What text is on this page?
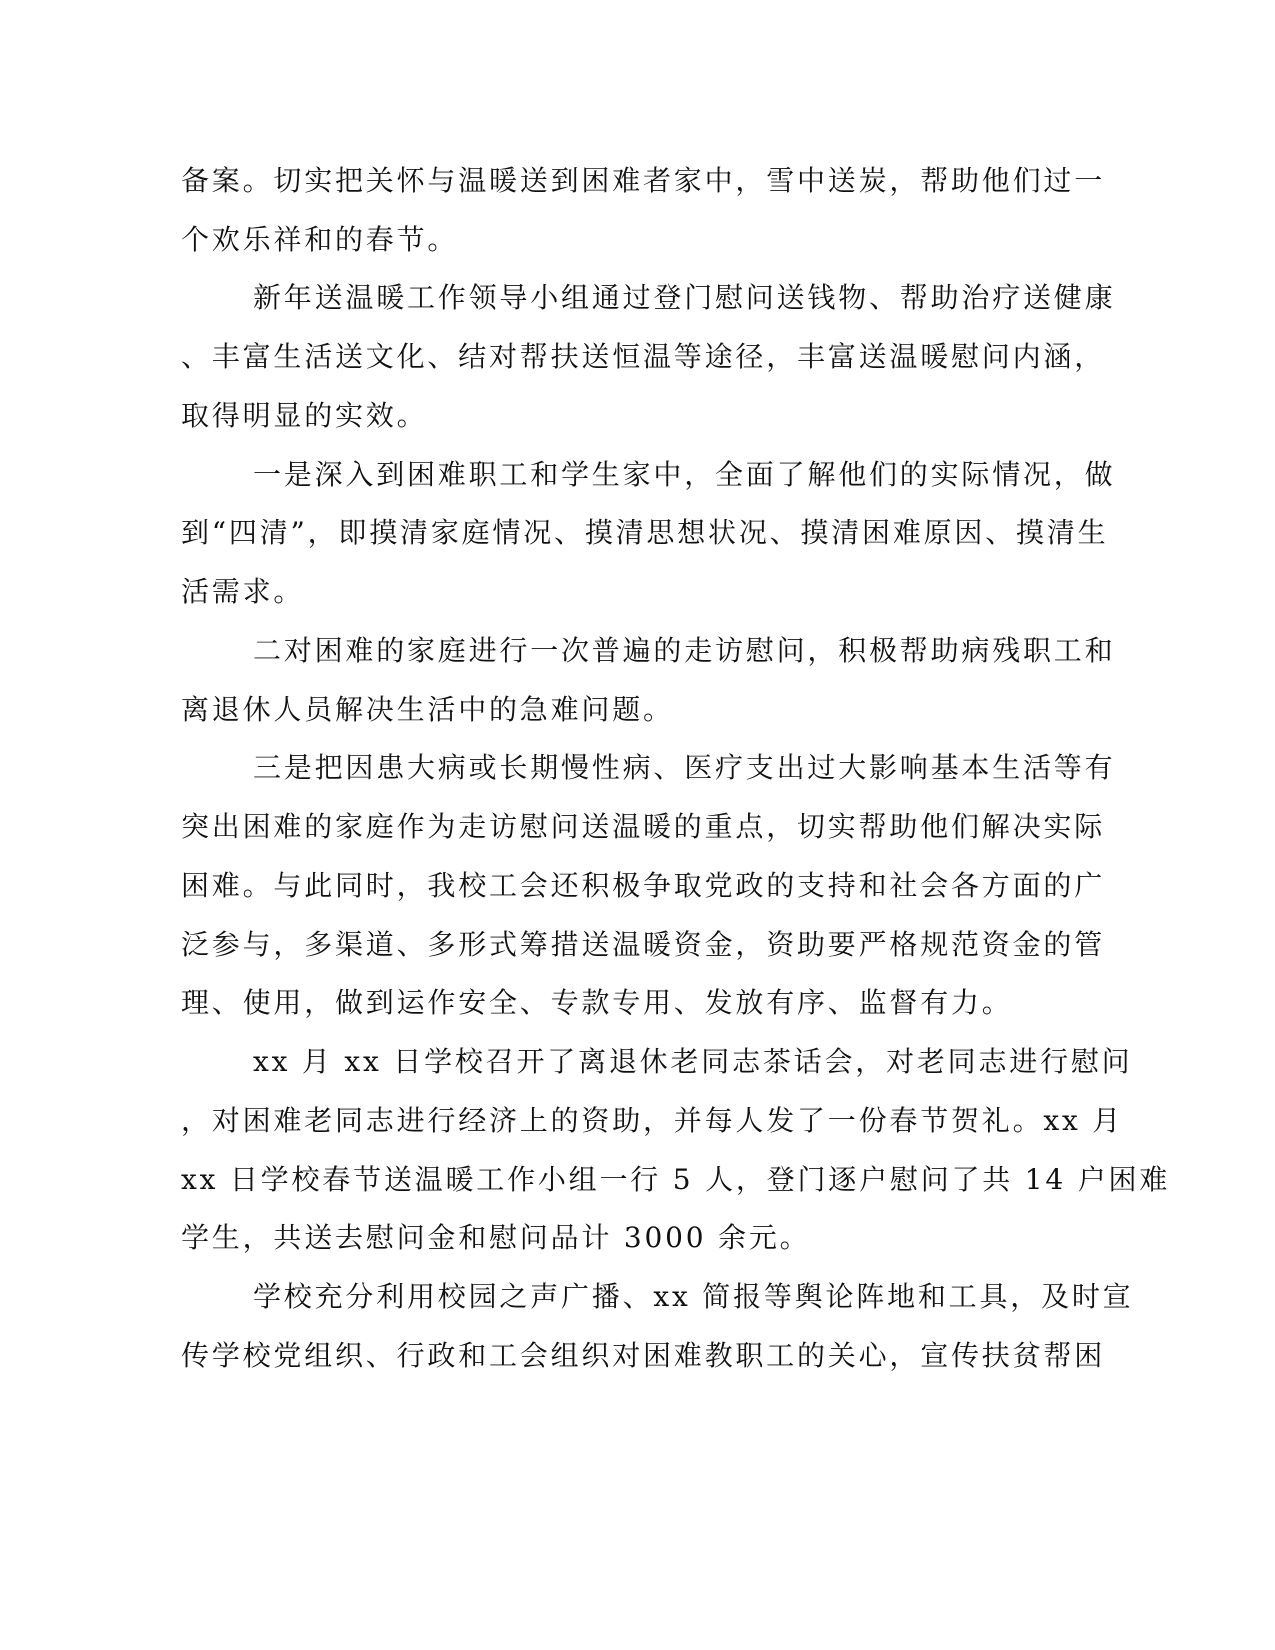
备案。切实把关怀与温暖送到困难者家中，雪中送炭，帮助他们过一
个欢乐祥和的春节。
新年送温暖工作领导小组通过登门慰问送钱物、帮助治疗送健康
、丰富生活送文化、结对帮扶送恒温等途径，丰富送温暖慰问内涵，
取得明显的实效。
一是深入到困难职工和学生家中，全面了解他们的实际情况，做
到“四清”，即摸清家庭情况、摸清思想状况、摸清困难原因、摸清生
活需求。
二对困难的家庭进行一次普遍的走访慰问，积极帮助病残职工和
离退休人员解决生活中的急难问题。
三是把因患大病或长期慢性病、医疗支出过大影响基本生活等有
突出困难的家庭作为走访慰问送温暖的重点，切实帮助他们解决实际
困难。与此同时，我校工会还积极争取党政的支持和社会各方面的广
泛参与，多渠道、多形式筹措送温暖资金，资助要严格规范资金的管
理、使用，做到运作安全、专款专用、发放有序、监督有力。
xx 月 xx 日学校召开了离退休老同志茶话会，对老同志进行慰问
，对困难老同志进行经济上的资助，并每人发了一份春节贺礼。xx 月
xx 日学校春节送温暖工作小组一行 5 人，登门逐户慰问了共 14 户困难
学生，共送去慰问金和慰问品计 3000 余元。
学校充分利用校园之声广播、xx 简报等舆论阵地和工具，及时宣
传学校党组织、行政和工会组织对困难教职工的关心，宣传扶贫帮困
